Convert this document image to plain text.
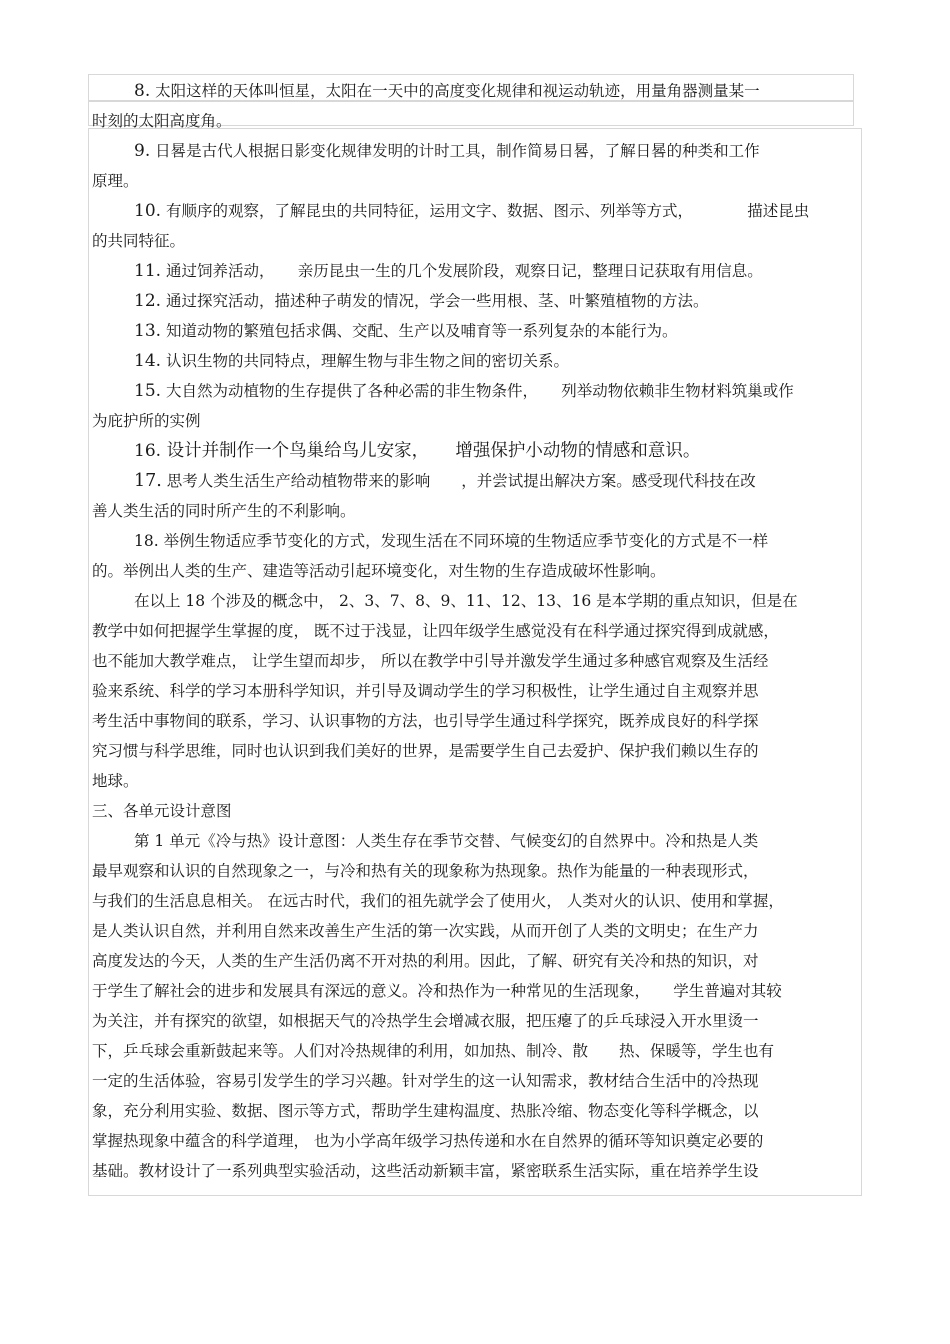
8. 太阳这样的天体叫恒星，太阳在一天中的高度变化规律和视运动轨迹，用量角器测量某一
时刻的太阳高度角。
9. 日晷是古代人根据日影变化规律发明的计时工具，制作简易日晷，了解日晷的种类和工作
原理。
10. 有顺序的观察，了解昆虫的共同特征，运用文字、数据、图示、列举等方式，　　　　描述昆虫
的共同特征。
11. 通过饲养活动，　　亲历昆虫一生的几个发展阶段，观察日记，整理日记获取有用信息。
12. 通过探究活动，描述种子萌发的情况，学会一些用根、茎、叶繁殖植物的方法。
13. 知道动物的繁殖包括求偶、交配、生产以及哺育等一系列复杂的本能行为。
14. 认识生物的共同特点，理解生物与非生物之间的密切关系。
15. 大自然为动植物的生存提供了各种必需的非生物条件，　　列举动物依赖非生物材料筑巢或作
为庇护所的实例
16. 设计并制作一个鸟巢给鸟儿安家，　　增强保护小动物的情感和意识。
17. 思考人类生活生产给动植物带来的影响　　，并尝试提出解决方案。感受现代科技在改
善人类生活的同时所产生的不利影响。
18. 举例生物适应季节变化的方式，发现生活在不同环境的生物适应季节变化的方式是不一样
的。举例出人类的生产、建造等活动引起环境变化，对生物的生存造成破坏性影响。
在以上 18 个涉及的概念中， 2、3、7、8、9、11、12、13、16 是本学期的重点知识，但是在
教学中如何把握学生掌握的度， 既不过于浅显，让四年级学生感觉没有在科学通过探究得到成就感，
也不能加大教学难点， 让学生望而却步， 所以在教学中引导并激发学生通过多种感官观察及生活经
验来系统、科学的学习本册科学知识，并引导及调动学生的学习积极性，让学生通过自主观察并思
考生活中事物间的联系，学习、认识事物的方法，也引导学生通过科学探究，既养成良好的科学探
究习惯与科学思维，同时也认识到我们美好的世界，是需要学生自己去爱护、保护我们赖以生存的
地球。
三、各单元设计意图
第 1 单元《冷与热》设计意图：人类生存在季节交替、气候变幻的自然界中。冷和热是人类
最早观察和认识的自然现象之一，与冷和热有关的现象称为热现象。热作为能量的一种表现形式，
与我们的生活息息相关。 在远古时代，我们的祖先就学会了使用火， 人类对火的认识、使用和掌握，
是人类认识自然，并利用自然来改善生产生活的第一次实践，从而开创了人类的文明史；在生产力
高度发达的今天，人类的生产生活仍离不开对热的利用。因此，了解、研究有关冷和热的知识，对
于学生了解社会的进步和发展具有深远的意义。冷和热作为一种常见的生活现象，　　学生普遍对其较
为关注，并有探究的欲望，如根据天气的冷热学生会增减衣服，把压瘪了的乒乓球浸入开水里烫一
下，乒乓球会重新鼓起来等。人们对冷热规律的利用，如加热、制冷、散　　热、保暖等，学生也有
一定的生活体验，容易引发学生的学习兴趣。针对学生的这一认知需求，教材结合生活中的冷热现
象，充分利用实验、数据、图示等方式，帮助学生建构温度、热胀冷缩、物态变化等科学概念，以
掌握热现象中蕴含的科学道理， 也为小学高年级学习热传递和水在自然界的循环等知识奠定必要的
基础。教材设计了一系列典型实验活动，这些活动新颖丰富，紧密联系生活实际，重在培养学生设
